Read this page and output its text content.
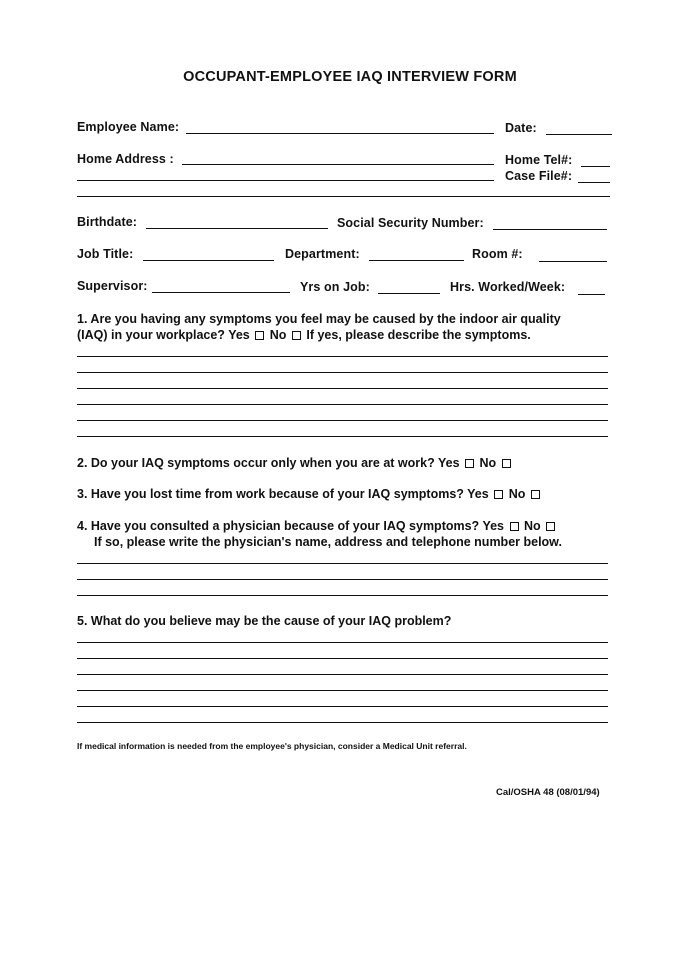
OCCUPANT-EMPLOYEE IAQ INTERVIEW FORM
Employee Name:	Date:
Home Address :	Home Tel#:
Case File#:
Birthdate:	Social Security Number:
Job Title:	Department:	Room #:
Supervisor:	Yrs on Job:	Hrs. Worked/Week:
1. Are you having any symptoms you feel may be caused by the indoor air quality
(IAQ) in your workplace? Yes No If yes, please describe the symptoms.
2. Do your IAQ symptoms occur only when you are at work? Yes No
3. Have you lost time from work because of your IAQ symptoms? Yes No
4. Have you consulted a physician because of your IAQ symptoms? Yes No
If so, please write the physician's name, address and telephone number below.
5. What do you believe may be the cause of your IAQ problem?
If medical information is needed from the employee's physician, consider a Medical Unit referral.
Cal/OSHA 48 (08/01/94)
